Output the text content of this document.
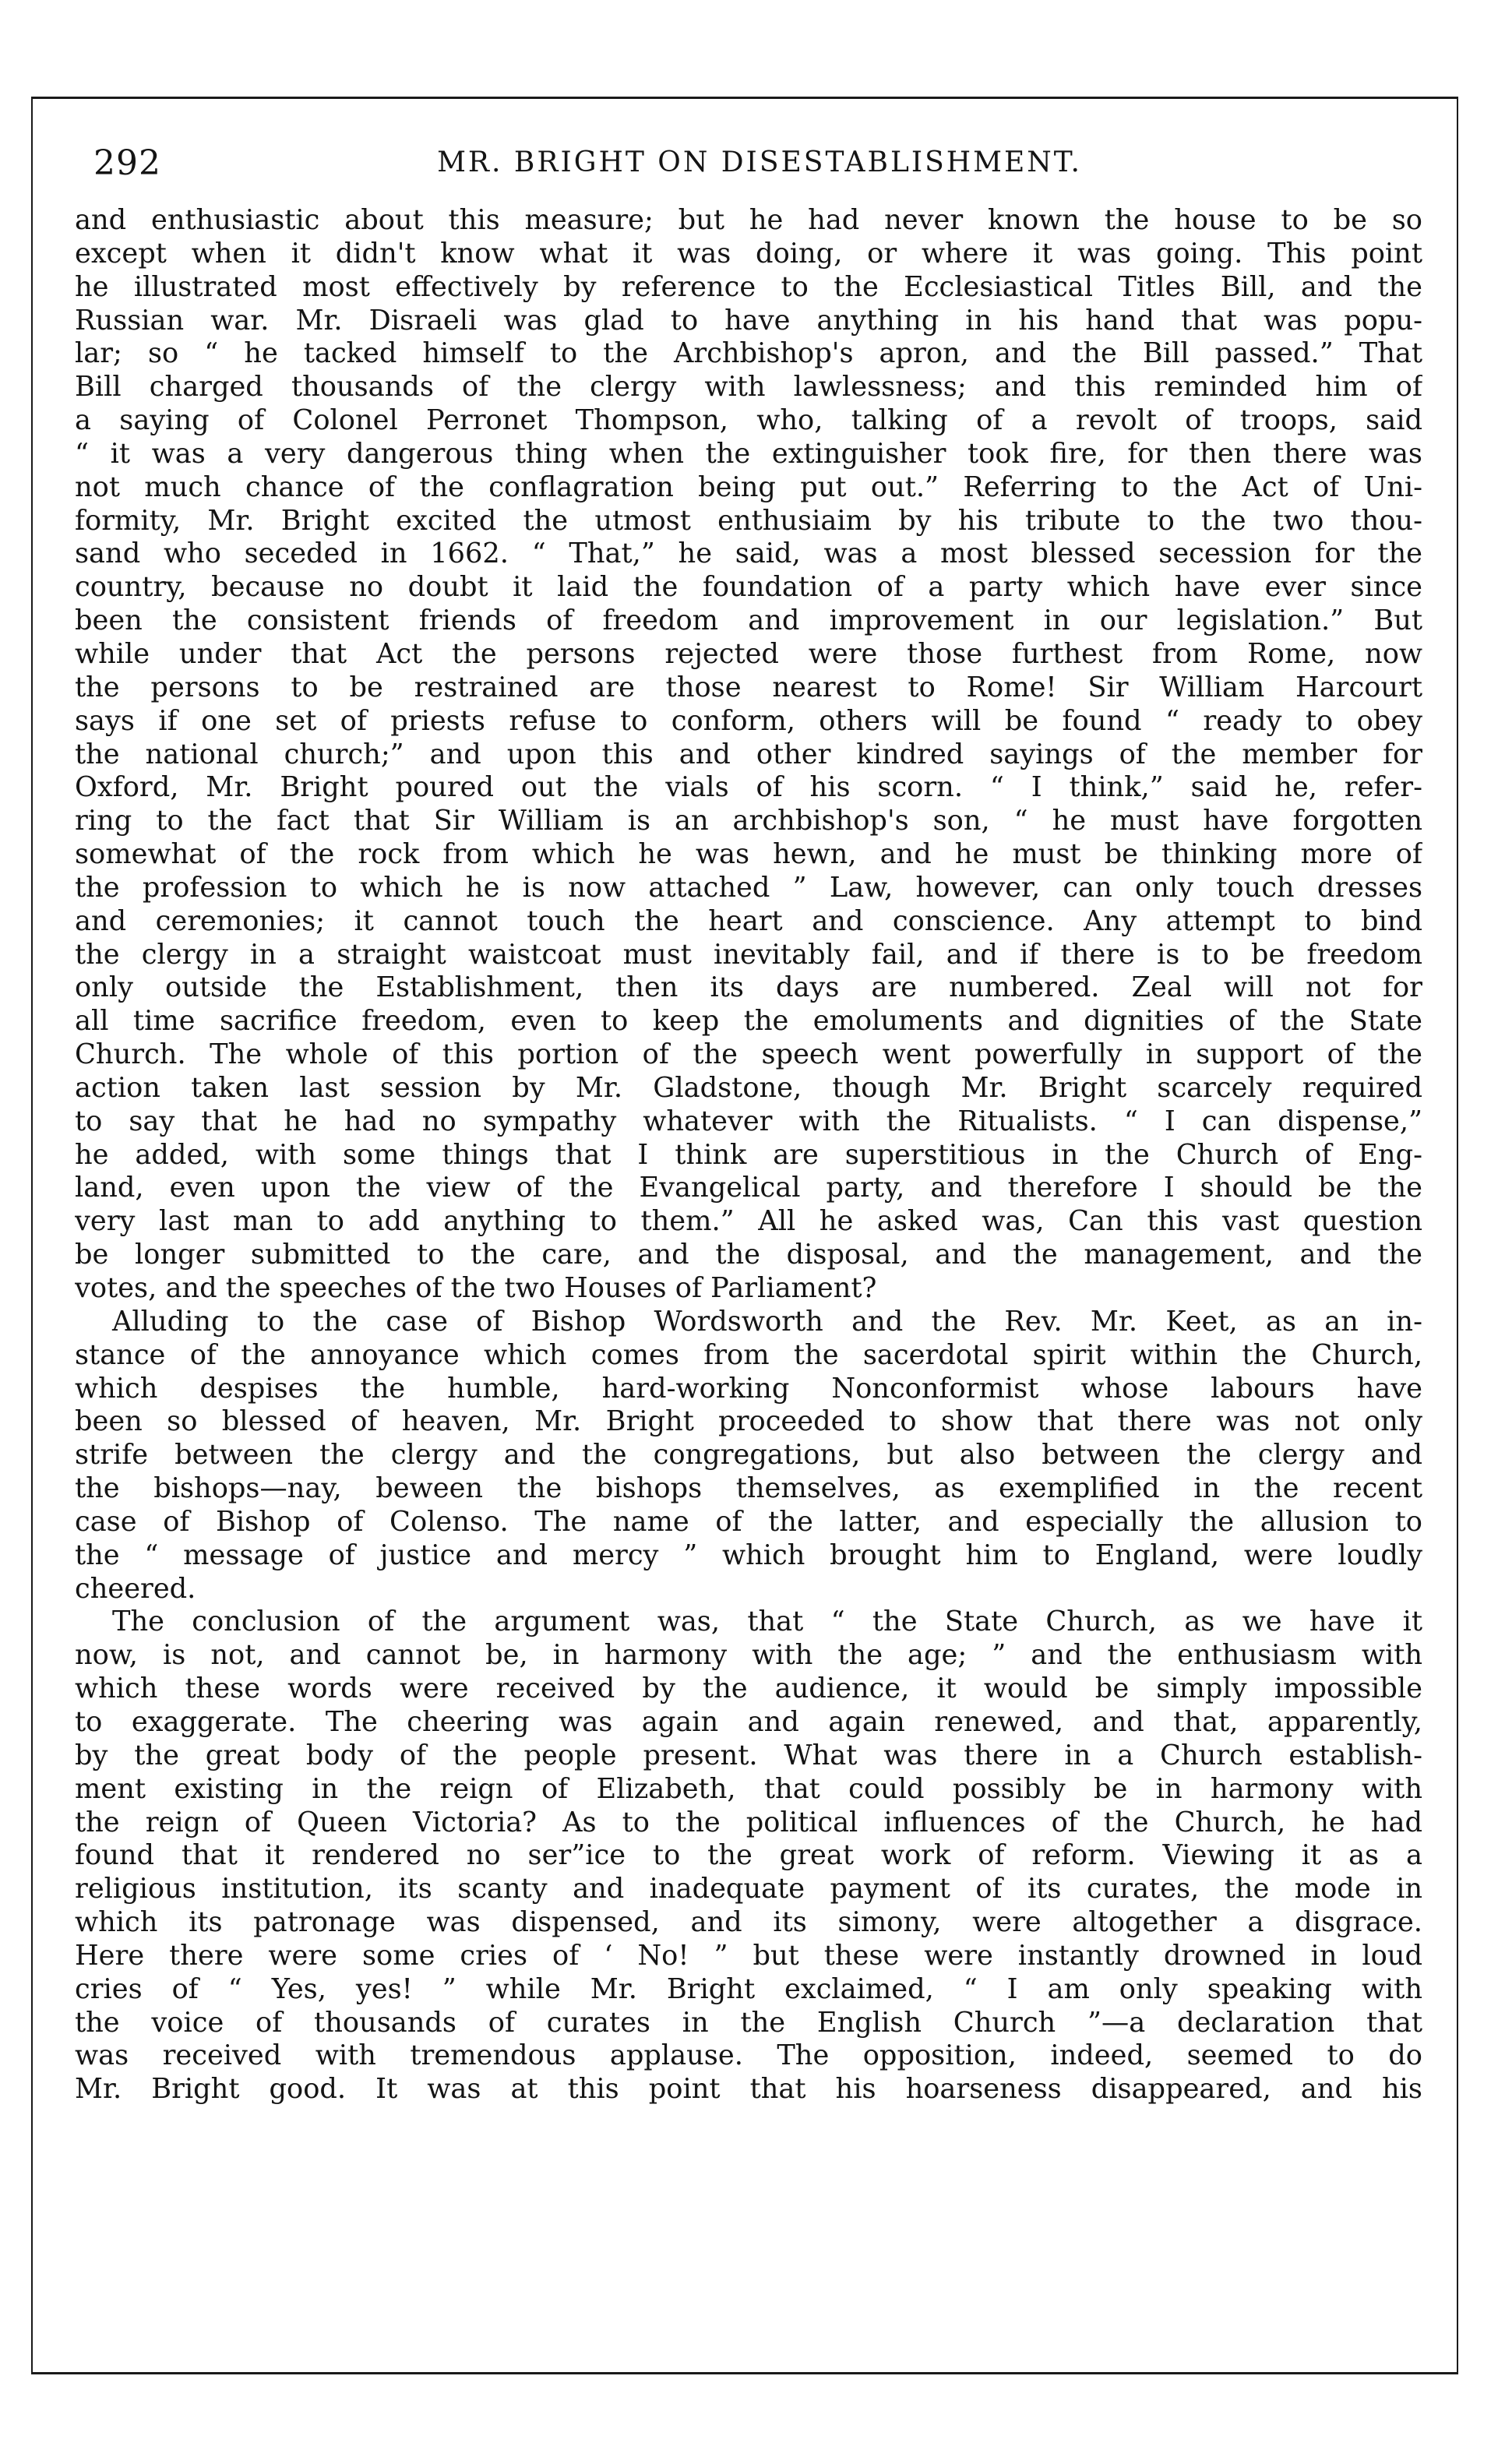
292	MR. BRIGHT ON DISESTABLISHMENT.
and enthusiastic about this measure; but he had never known the house to be so
except when it didn't know what it was doing, or where it was going. This point
he illustrated most effectively by reference to the Ecclesiastical Titles Bill, and the
Russian war. Mr. Disraeli was glad to have anything in his hand that was popu-
lar; so “ he tacked himself to the Archbishop's apron, and the Bill passed.” That
Bill charged thousands of the clergy with lawlessness; and this reminded him of
a saying of Colonel Perronet Thompson, who, talking of a revolt of troops, said
“ it was a very dangerous thing when the extinguisher took fire, for then there was
not much chance of the conflagration being put out.” Referring to the Act of Uni-
formity, Mr. Bright excited the utmost enthusiaim by his tribute to the two thou-
sand who seceded in 1662. “ That,” he said, was a most blessed secession for the
country, because no doubt it laid the foundation of a party which have ever since
been the consistent friends of freedom and improvement in our legislation.” But
while under that Act the persons rejected were those furthest from Rome, now
the persons to be restrained are those nearest to Rome! Sir William Harcourt
says if one set of priests refuse to conform, others will be found “ ready to obey
the national church;” and upon this and other kindred sayings of the member for
Oxford, Mr. Bright poured out the vials of his scorn. “ I think,” said he, refer-
ring to the fact that Sir William is an archbishop's son, “ he must have forgotten
somewhat of the rock from which he was hewn, and he must be thinking more of
the profession to which he is now attached ” Law, however, can only touch dresses
and ceremonies; it cannot touch the heart and conscience. Any attempt to bind
the clergy in a straight waistcoat must inevitably fail, and if there is to be freedom
only outside the Establishment, then its days are numbered. Zeal will not for
all time sacrifice freedom, even to keep the emoluments and dignities of the State
Church. The whole of this portion of the speech went powerfully in support of the
action taken last session by Mr. Gladstone, though Mr. Bright scarcely required
to say that he had no sympathy whatever with the Ritualists. “ I can dispense,”
he added, with some things that I think are superstitious in the Church of Eng-
land, even upon the view of the Evangelical party, and therefore I should be the
very last man to add anything to them.” All he asked was, Can this vast question
be longer submitted to the care, and the disposal, and the management, and the
votes, and the speeches of the two Houses of Parliament?
Alluding to the case of Bishop Wordsworth and the Rev. Mr. Keet, as an in-
stance of the annoyance which comes from the sacerdotal spirit within the Church,
which despises the humble, hard-working Nonconformist whose labours have
been so blessed of heaven, Mr. Bright proceeded to show that there was not only
strife between the clergy and the congregations, but also between the clergy and
the bishops—nay, beween the bishops themselves, as exemplified in the recent
case of Bishop of Colenso. The name of the latter, and especially the allusion to
the “ message of justice and mercy ” which brought him to England, were loudly
cheered.
The conclusion of the argument was, that “ the State Church, as we have it
now, is not, and cannot be, in harmony with the age; ” and the enthusiasm with
which these words were received by the audience, it would be simply impossible
to exaggerate. The cheering was again and again renewed, and that, apparently,
by the great body of the people present. What was there in a Church establish-
ment existing in the reign of Elizabeth, that could possibly be in harmony with
the reign of Queen Victoria? As to the political influences of the Church, he had
found that it rendered no ser”ice to the great work of reform. Viewing it as a
religious institution, its scanty and inadequate payment of its curates, the mode in
which its patronage was dispensed, and its simony, were altogether a disgrace.
Here there were some cries of ‘ No! ” but these were instantly drowned in loud
cries of “ Yes, yes! ” while Mr. Bright exclaimed, “ I am only speaking with
the voice of thousands of curates in the English Church ”—a declaration that
was received with tremendous applause. The opposition, indeed, seemed to do
Mr. Bright good. It was at this point that his hoarseness disappeared, and his
